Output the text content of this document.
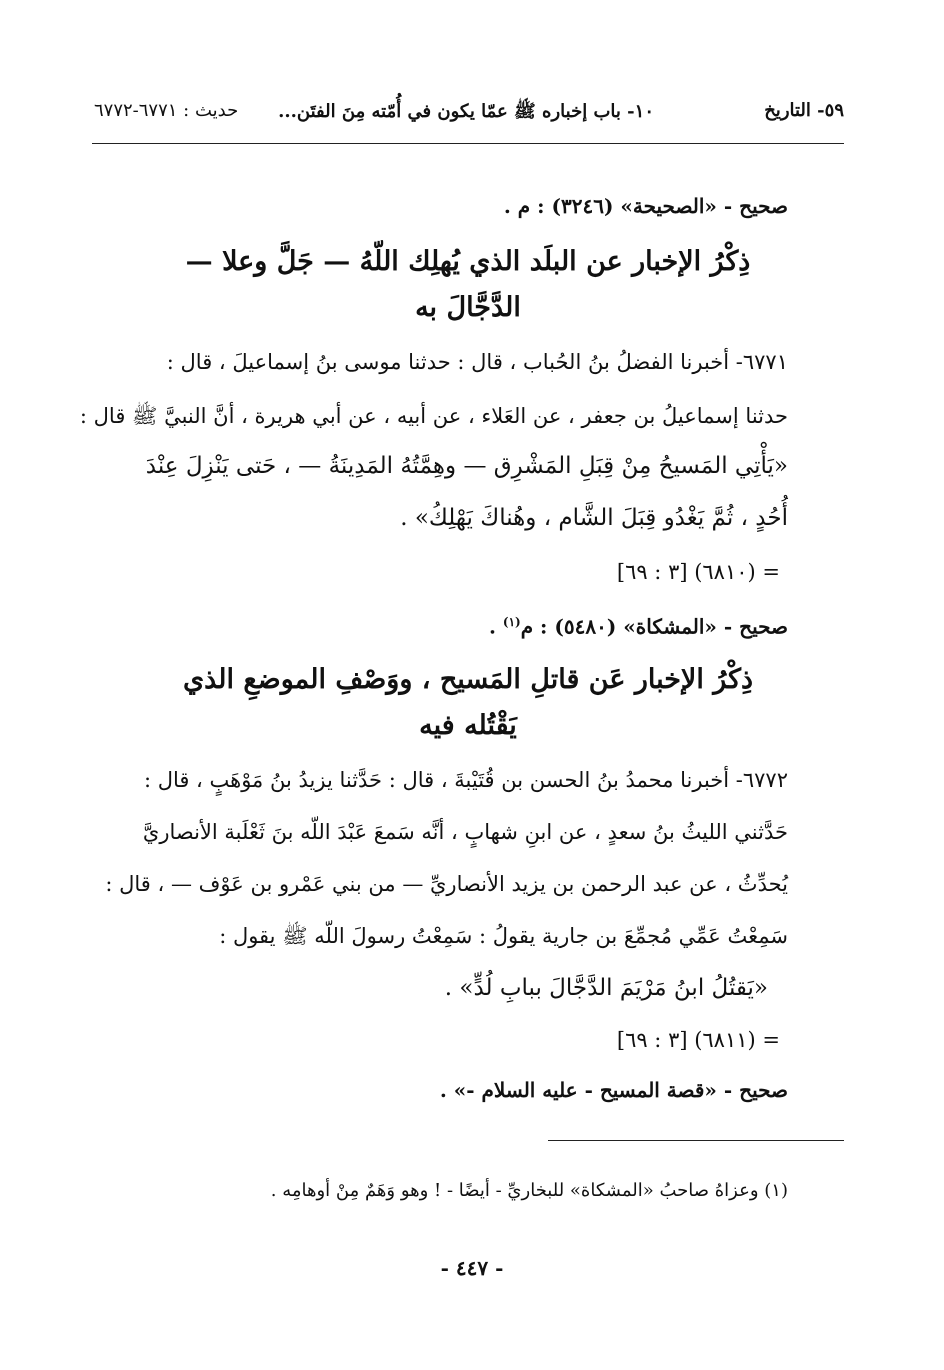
٥٩- التاريخ
١٠- باب إخباره ﷺ عمّا يكون في أُمّته مِنَ الفتَن...
حديث : ٦٧٧١-٦٧٧٢
صحيح - «الصحيحة» (٣٢٤٦) : م .
ذِكْرُ الإخبار عن البلَد الذي يُهلِك اللّهُ — جَلَّ وعلا —
الدَّجَّالَ به
٦٧٧١- أخبرنا الفضلُ بنُ الحُباب ، قال : حدثنا موسى بنُ إسماعيلَ ، قال :
حدثنا إسماعيلُ بن جعفر ، عن العَلاء ، عن أبيه ، عن أبي هريرة ، أنَّ النبيَّ ﷺ قال :
«يَأْتِي المَسيحُ مِنْ قِبَلِ المَشْرِق — وهِمَّتُهُ المَدِينَةُ — ، حَتى يَنْزِلَ عِنْدَ
أُحُدٍ ، ثُمَّ يَغْدُو قِبَلَ الشَّام ، وهُناكَ يَهْلِكُ» .
= (٦٨١٠) [٣ : ٦٩]
صحيح - «المشكاة» (٥٤٨٠) : م$^{(١)}$ .
ذِكْرُ الإخبار عَن قاتلِ المَسيح ، ووَصْفِ الموضعِ الذي
يَقْتُله فيه
٦٧٧٢- أخبرنا محمدُ بنُ الحسن بن قُتَيْبةَ ، قال : حَدَّثنا يزيدُ بنُ مَوْهَبٍ ، قال :
حَدَّثني الليثُ بنُ سعدٍ ، عن ابنِ شهابٍ ، أنَّه سَمعَ عَبْدَ اللّه بنَ ثَعْلَبة الأنصاريَّ
يُحدِّثُ ، عن عبد الرحمن بن يزيد الأنصاريِّ — من بني عَمْرو بن عَوْف — ، قال :
سَمِعْتُ عَمِّي مُجمِّعَ بن جارية يقولُ : سَمِعْتُ رسولَ اللّه ﷺ يقول :
«يَقتُلُ ابنُ مَرْيَمَ الدَّجَّالَ ببابِ لُدٍّ» .
= (٦٨١١) [٣ : ٦٩]
صحيح - «قصة المسيح - عليه السلام -» .
(١) وعزاهُ صاحبُ «المشكاة» للبخاريِّ - أيضًا - ! وهو وَهَمٌ مِنْ أوهامِه .
- ٤٤٧ -
